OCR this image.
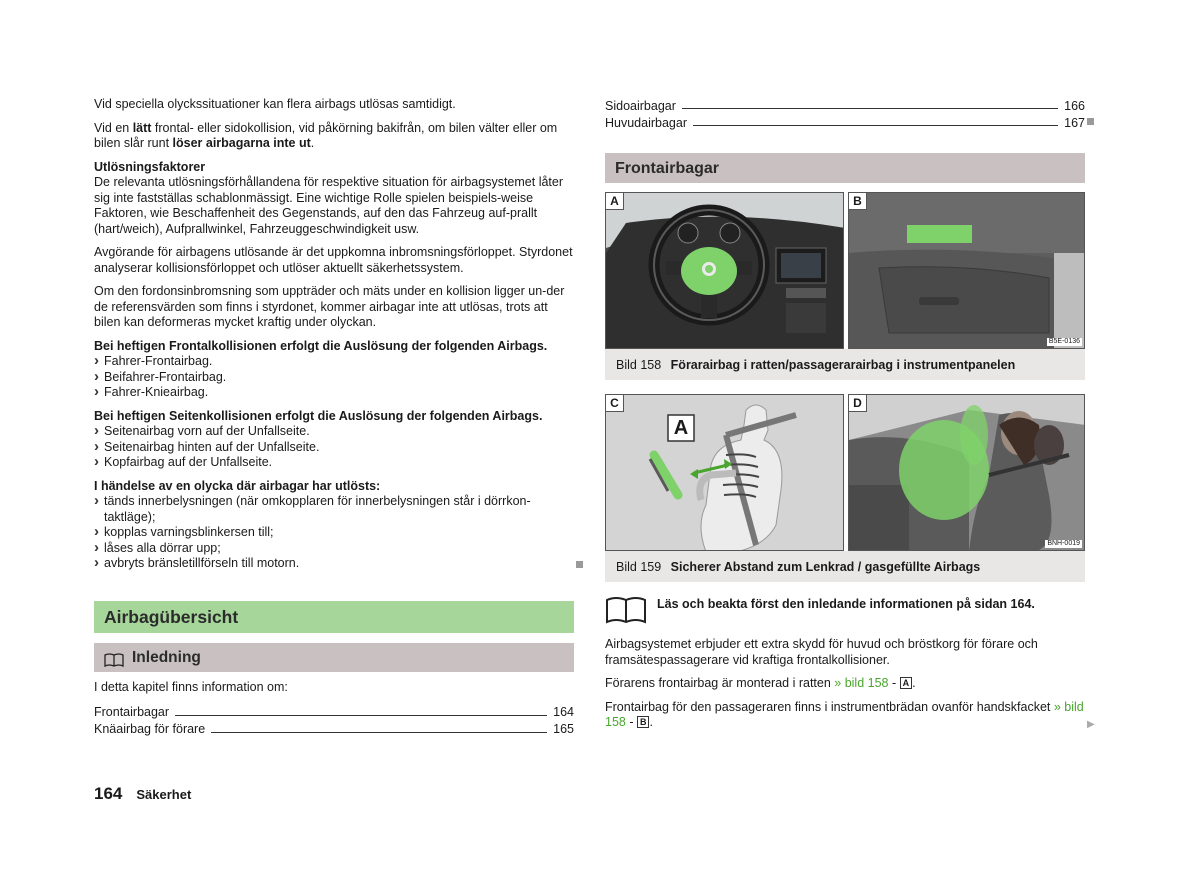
Vid speciella olyckssituationer kan flera airbags utlösas samtidigt.

Vid en lätt frontal- eller sidokollision, vid påkörning bakifrån, om bilen välter eller om bilen slår runt löser airbagarna inte ut.

Utlösningsfaktorer
De relevanta utlösningsförhållandena för respektive situation för airbagsystemet låter sig inte fastställas schablonmässigt. Eine wichtige Rolle spielen beispiels-weise Faktoren, wie Beschaffenheit des Gegenstands, auf den das Fahrzeug auf-prallt (hart/weich), Aufprallwinkel, Fahrzeuggeschwindigkeit usw.

Avgörande för airbagens utlösande är det uppkomna inbromsningsförloppet. Styrdonet analyserar kollisionsförloppet och utlöser aktuellt säkerhetssystem.

Om den fordonsinbromsning som uppträder och mäts under en kollision ligger un-der de referensvärden som finns i styrdonet, kommer airbagar inte att utlösas, trots att bilen kan deformeras mycket kraftig under olyckan.

Bei heftigen Frontalkollisionen erfolgt die Auslösung der folgenden Airbags.
› Fahrer-Frontairbag.
› Beifahrer-Frontairbag.
› Fahrer-Knieairbag.
Bei heftigen Seitenkollisionen erfolgt die Auslösung der folgenden Airbags.
› Seitenairbag vorn auf der Unfallseite.
› Seitenairbag hinten auf der Unfallseite.
› Kopfairbag auf der Unfallseite.
I händelse av en olycka där airbagar har utlösts:
› tänds innerbelysningen (när omkopplaren för innerbelysningen står i dörrkon-taktläge);
› kopplas varningsblinkersen till;
› låses alla dörrar upp;
› avbryts bränsletillförseln till motorn.
Airbagübersicht
Inledning
I detta kapitel finns information om:
Frontairbagar	164
Knäairbag för förare	165
Sidoairbagar	166
Huvudairbagar	167
Frontairbagar
A	B
B5E-0136
Bild 158 Förarairbag i ratten/passagerarairbag i instrumentpanelen
A
C	D
BNH-0019
Bild 159 Sicherer Abstand zum Lenkrad / gasgefüllte Airbags
Läs och beakta först den inledande informationen på sidan 164.

Airbagsystemet erbjuder ett extra skydd för huvud och bröstkorg för förare och framsätespassagerare vid kraftiga frontalkollisioner.

Förarens frontairbag är monterad i ratten » bild 158 - A .

Frontairbag för den passageraren finns i instrumentbrädan ovanför handskfacket » bild 158 - B .	▶
164 Säkerhet
